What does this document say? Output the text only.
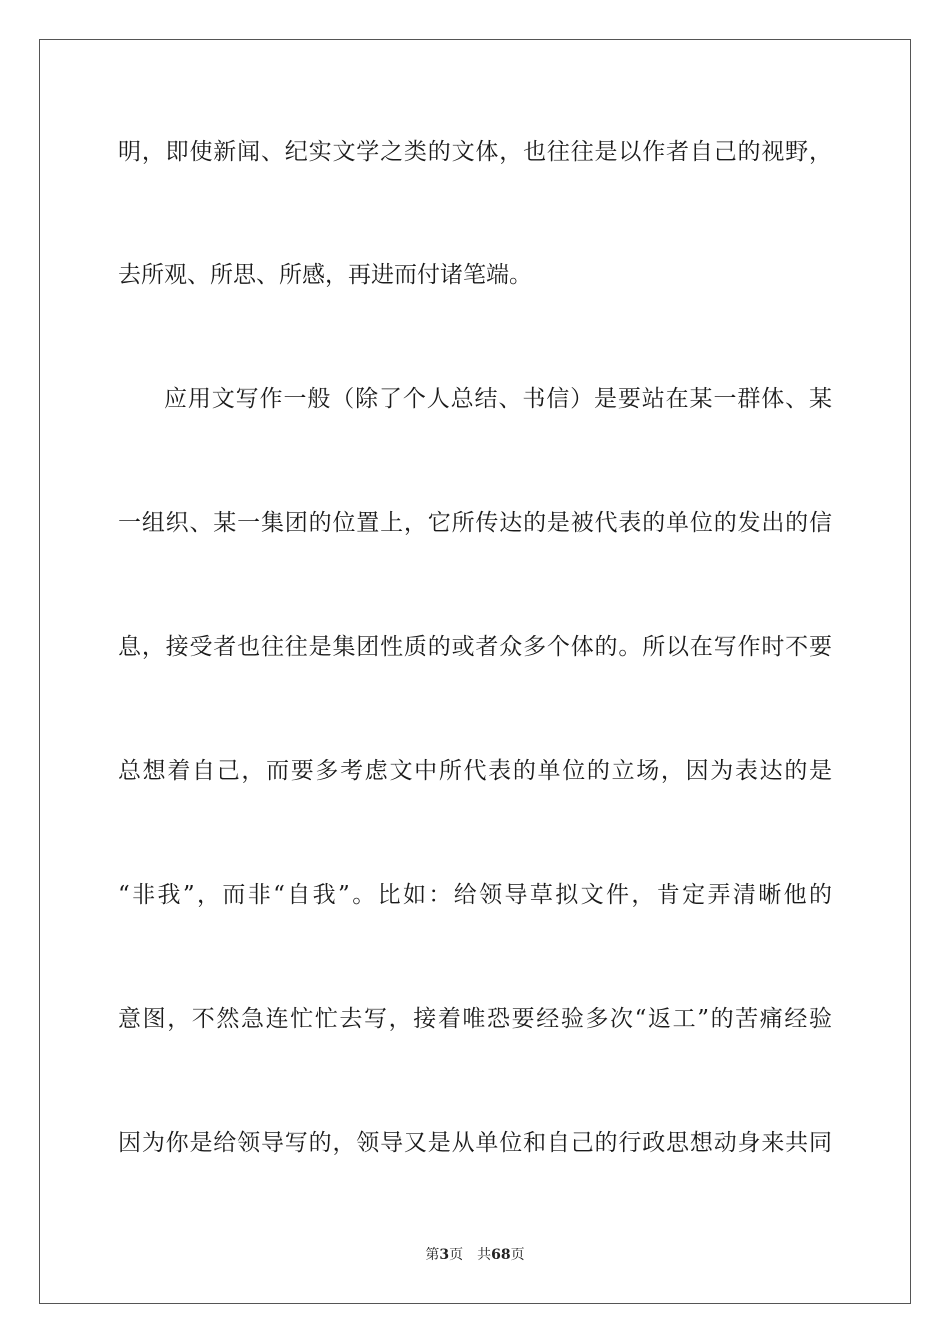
明，即使新闻、纪实文学之类的文体，也往往是以作者自己的视野，
去所观、所思、所感，再进而付诸笔端。
应用文写作一般（除了个人总结、书信）是要站在某一群体、某
一组织、某一集团的位置上，它所传达的是被代表的单位的发出的信
息，接受者也往往是集团性质的或者众多个体的。所以在写作时不要
总想着自己，而要多考虑文中所代表的单位的立场，因为表达的是
“非我”，而非“自我”。比如：给领导草拟文件，肯定弄清晰他的
意图，不然急连忙忙去写，接着唯恐要经验多次“返工”的苦痛经验
因为你是给领导写的，领导又是从单位和自己的行政思想动身来共同
第3页　共68页
